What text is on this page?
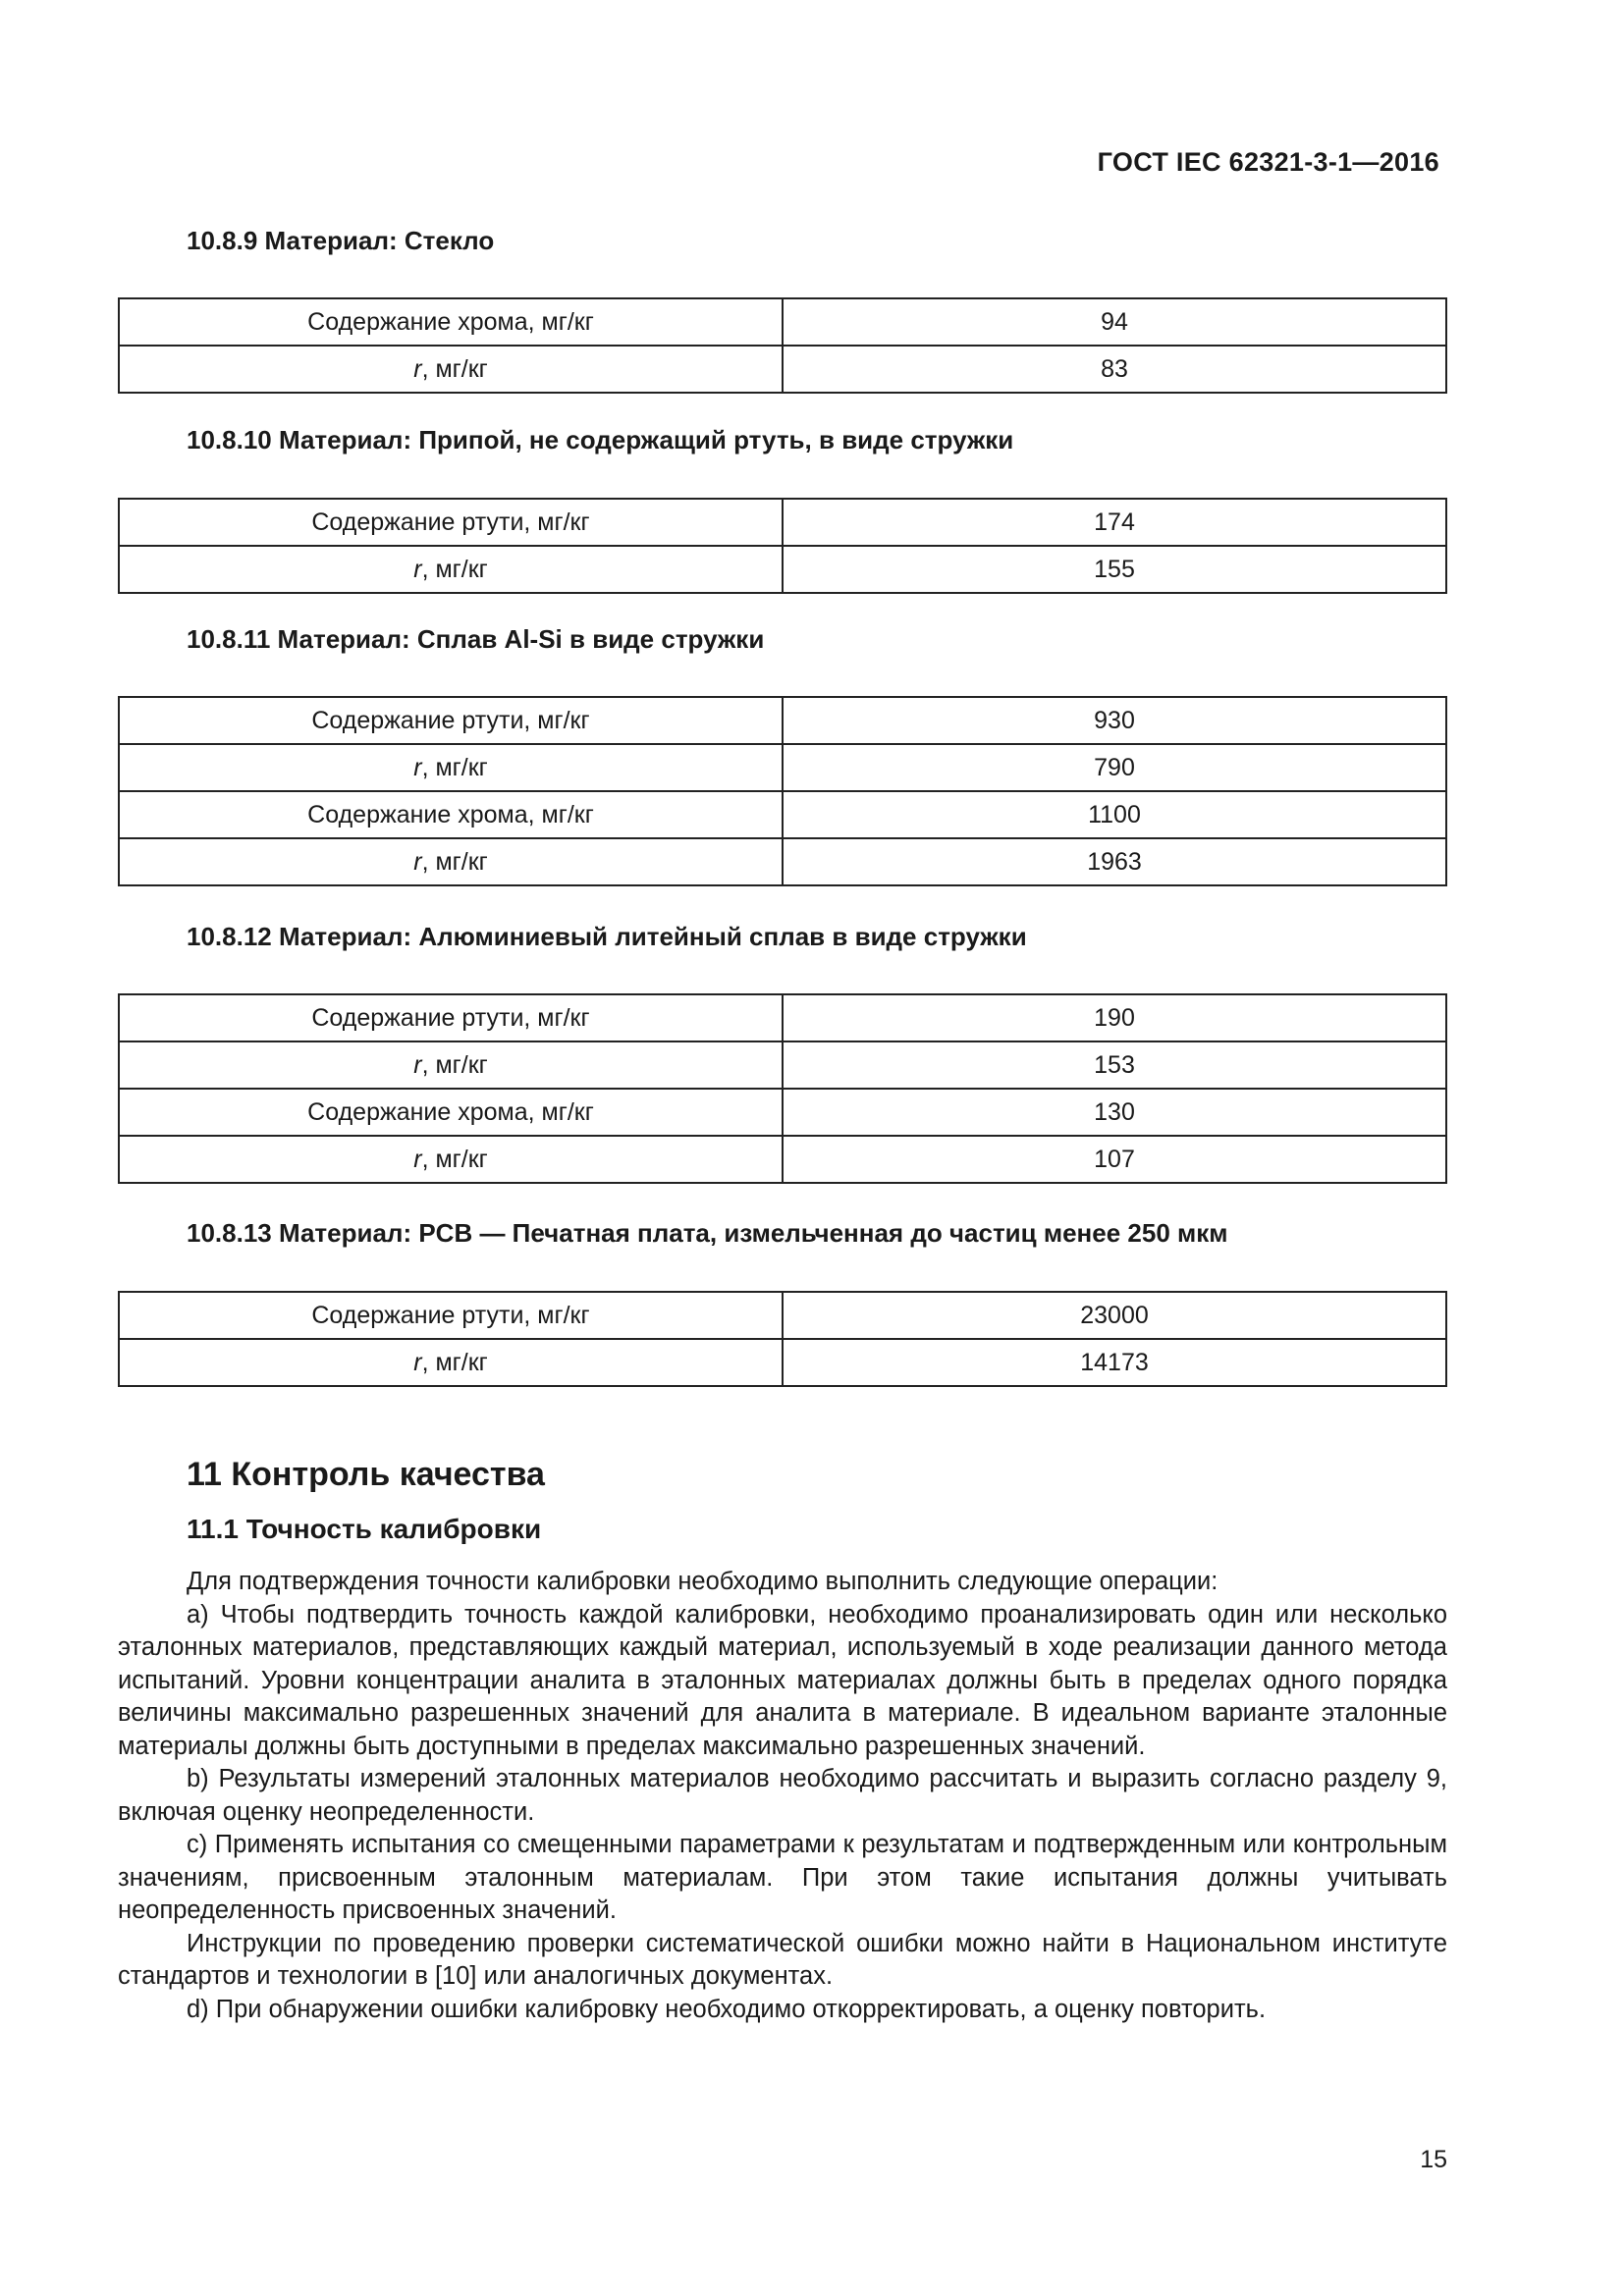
ГОСТ IEC 62321-3-1—2016
10.8.9 Материал: Стекло
Содержание хрома, мг/кг	94
r, мг/кг	83
10.8.10 Материал: Припой, не содержащий ртуть, в виде стружки
Содержание ртути, мг/кг	174
r, мг/кг	155
10.8.11 Материал: Сплав Al-Si в виде стружки
Содержание ртути, мг/кг	930
r, мг/кг	790
Содержание хрома, мг/кг	1100
r, мг/кг	1963
10.8.12 Материал: Алюминиевый литейный сплав в виде стружки
Содержание ртути, мг/кг	190
r, мг/кг	153
Содержание хрома, мг/кг	130
r, мг/кг	107
10.8.13 Материал: PCB — Печатная плата, измельченная до частиц менее 250 мкм
Содержание ртути, мг/кг	23000
r, мг/кг	14173
11 Контроль качества
11.1 Точность калибровки

Для подтверждения точности калибровки необходимо выполнить следующие операции:

a) Чтобы подтвердить точность каждой калибровки, необходимо проанализировать один или несколько эталонных материалов, представляющих каждый материал, используемый в ходе реализации данного метода испытаний. Уровни концентрации аналита в эталонных материалах должны быть в пределах одного порядка величины максимально разрешенных значений для аналита в материале. В идеальном варианте эталонные материалы должны быть доступными в пределах максимально разрешенных значений.

b) Результаты измерений эталонных материалов необходимо рассчитать и выразить согласно разделу 9, включая оценку неопределенности.

c) Применять испытания со смещенными параметрами к результатам и подтвержденным или контрольным значениям, присвоенным эталонным материалам. При этом такие испытания должны учитывать неопределенность присвоенных значений.

Инструкции по проведению проверки систематической ошибки можно найти в Национальном институте стандартов и технологии в [10] или аналогичных документах.

d) При обнаружении ошибки калибровку необходимо откорректировать, а оценку повторить.

15
